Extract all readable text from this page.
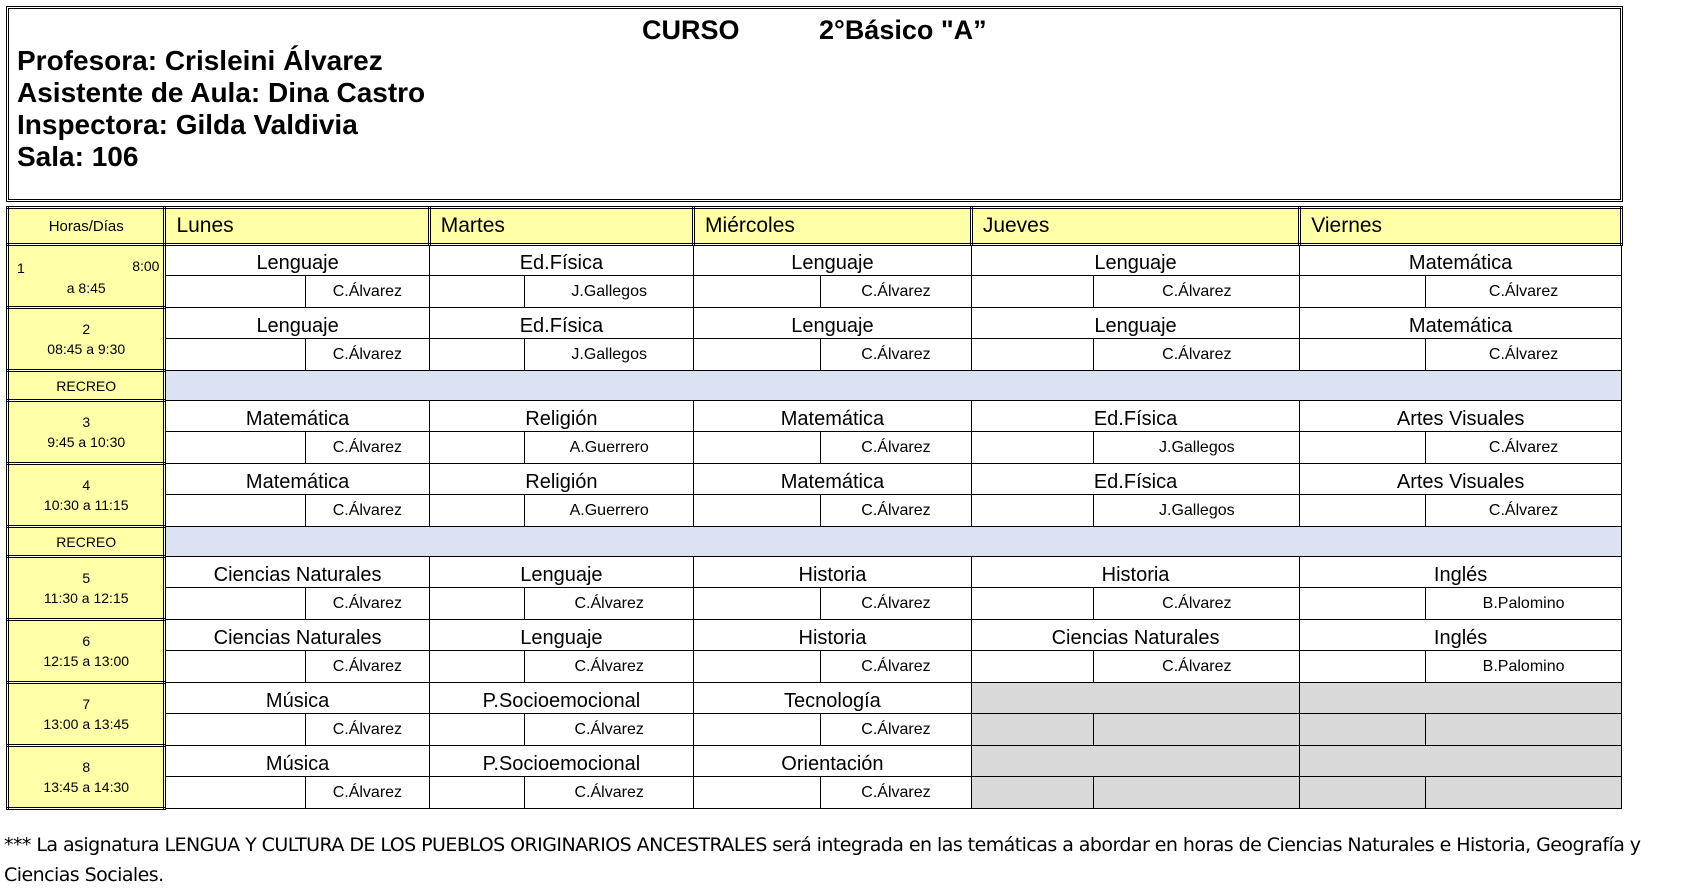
CURSO	2°Básico "A”
Profesora: Crisleini Álvarez
Asistente de Aula: Dina Castro
Inspectora: Gilda Valdivia
Sala: 106
Horas/Días	Lunes		Martes		Miércoles		Jueves		Viernes	

1 8:00
a 8:45	Lenguaje		Ed.Física		Lenguaje		Lenguaje		Matemática	
		C.Álvarez		J.Gallegos		C.Álvarez		C.Álvarez		C.Álvarez

2
08:45 a 9:30	Lenguaje		Ed.Física		Lenguaje		Lenguaje		Matemática	
		C.Álvarez		J.Gallegos		C.Álvarez		C.Álvarez		C.Álvarez
RECREO										

3
9:45 a 10:30	Matemática		Religión		Matemática		Ed.Física		Artes Visuales	
		C.Álvarez		A.Guerrero		C.Álvarez		J.Gallegos		C.Álvarez

4
10:30 a 11:15	Matemática		Religión		Matemática		Ed.Física		Artes Visuales	
		C.Álvarez		A.Guerrero		C.Álvarez		J.Gallegos		C.Álvarez
RECREO										

5
11:30 a 12:15	Ciencias Naturales		Lenguaje		Historia		Historia		Inglés	
		C.Álvarez		C.Álvarez		C.Álvarez		C.Álvarez		B.Palomino

6
12:15 a 13:00	Ciencias Naturales		Lenguaje		Historia		Ciencias Naturales		Inglés	
		C.Álvarez		C.Álvarez		C.Álvarez		C.Álvarez		B.Palomino

7
13:00 a 13:45	Música		P.Socioemocional		Tecnología					
		C.Álvarez		C.Álvarez		C.Álvarez				

8
13:45 a 14:30	Música		P.Socioemocional		Orientación					
		C.Álvarez		C.Álvarez		C.Álvarez				
*** La asignatura LENGUA Y CULTURA DE LOS PUEBLOS ORIGINARIOS ANCESTRALES será integrada en las temáticas a abordar en horas de Ciencias Naturales e Historia, Geografía y Ciencias Sociales.
